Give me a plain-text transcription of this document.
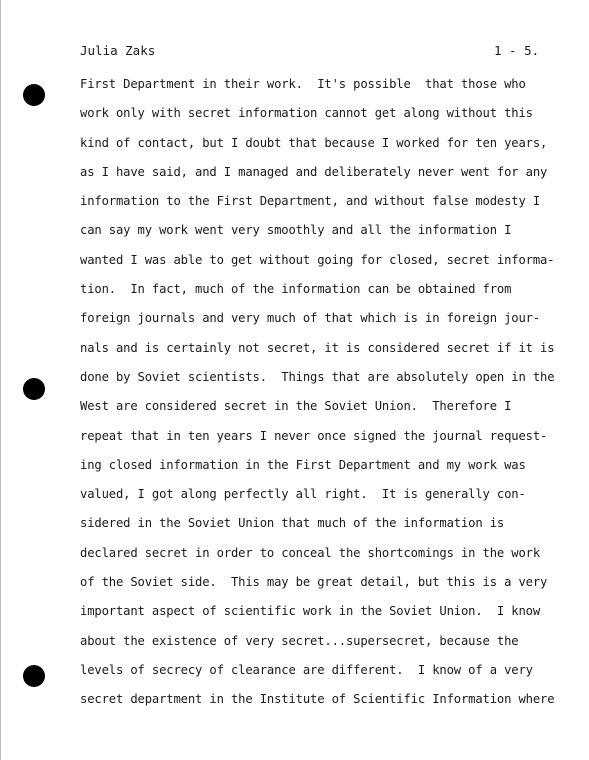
Julia Zaks	1 - 5.
First Department in their work.  It's possible  that those who
work only with secret information cannot get along without this
kind of contact, but I doubt that because I worked for ten years,
as I have said, and I managed and deliberately never went for any
information to the First Department, and without false modesty I
can say my work went very smoothly and all the information I
wanted I was able to get without going for closed, secret informa-
tion.  In fact, much of the information can be obtained from
foreign journals and very much of that which is in foreign jour-
nals and is certainly not secret, it is considered secret if it is
done by Soviet scientists.  Things that are absolutely open in the
West are considered secret in the Soviet Union.  Therefore I
repeat that in ten years I never once signed the journal request-
ing closed information in the First Department and my work was
valued, I got along perfectly all right.  It is generally con-
sidered in the Soviet Union that much of the information is
declared secret in order to conceal the shortcomings in the work
of the Soviet side.  This may be great detail, but this is a very
important aspect of scientific work in the Soviet Union.  I know
about the existence of very secret...supersecret, because the
levels of secrecy of clearance are different.  I know of a very
secret department in the Institute of Scientific Information where
